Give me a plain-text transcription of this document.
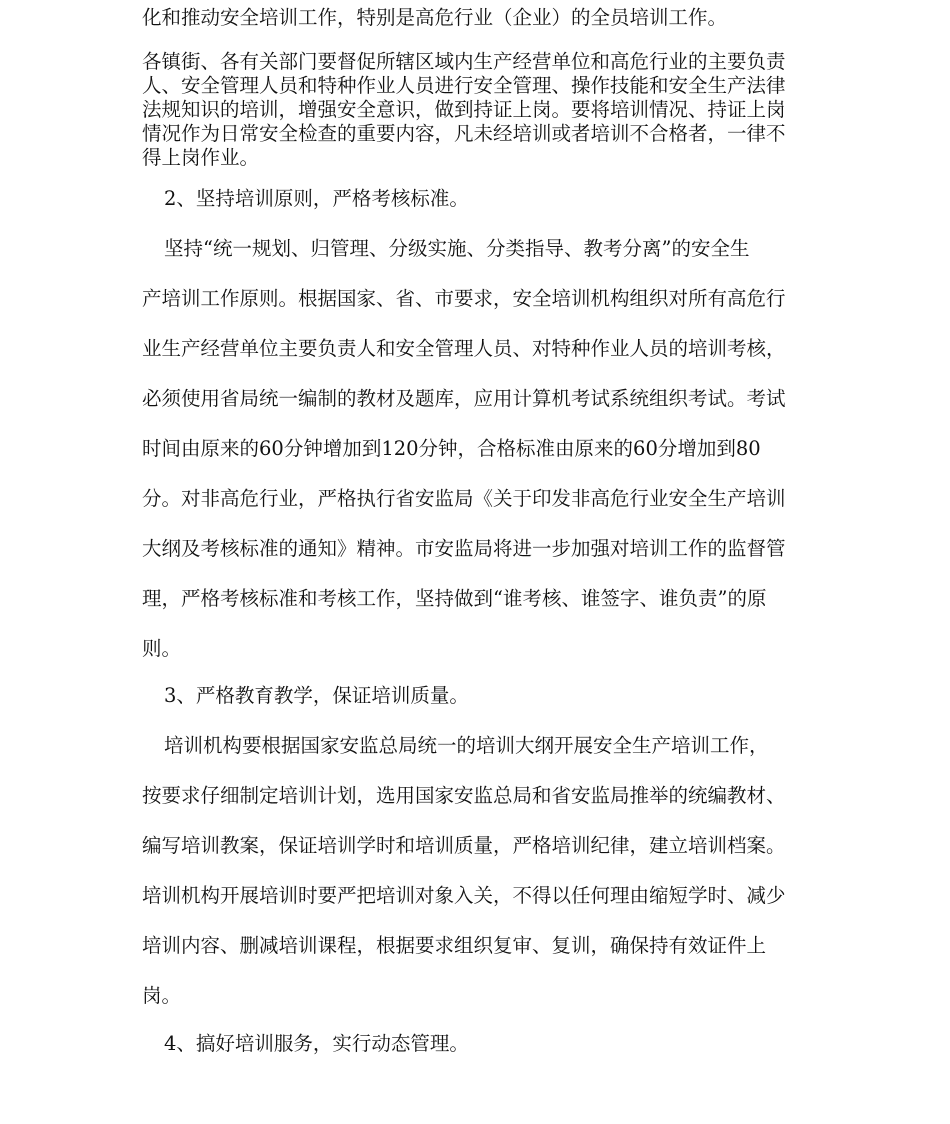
化和推动安全培训工作，特别是高危行业（企业）的全员培训工作。
各镇街、各有关部门要督促所辖区域内生产经营单位和高危行业的主要负责
人、安全管理人员和特种作业人员进行安全管理、操作技能和安全生产法律
法规知识的培训，增强安全意识，做到持证上岗。要将培训情况、持证上岗
情况作为日常安全检查的重要内容，凡未经培训或者培训不合格者，一律不
得上岗作业。
2、坚持培训原则，严格考核标准。
坚持“统一规划、归管理、分级实施、分类指导、教考分离”的安全生
产培训工作原则。根据国家、省、市要求，安全培训机构组织对所有高危行
业生产经营单位主要负责人和安全管理人员、对特种作业人员的培训考核，
必须使用省局统一编制的教材及题库，应用计算机考试系统组织考试。考试
时间由原来的60分钟增加到120分钟，合格标准由原来的60分增加到80
分。对非高危行业，严格执行省安监局《关于印发非高危行业安全生产培训
大纲及考核标准的通知》精神。市安监局将进一步加强对培训工作的监督管
理，严格考核标准和考核工作，坚持做到“谁考核、谁签字、谁负责”的原
则。
3、严格教育教学，保证培训质量。
培训机构要根据国家安监总局统一的培训大纲开展安全生产培训工作，
按要求仔细制定培训计划，选用国家安监总局和省安监局推举的统编教材、
编写培训教案，保证培训学时和培训质量，严格培训纪律，建立培训档案。
培训机构开展培训时要严把培训对象入关，不得以任何理由缩短学时、减少
培训内容、删减培训课程，根据要求组织复审、复训，确保持有效证件上
岗。
4、搞好培训服务，实行动态管理。
